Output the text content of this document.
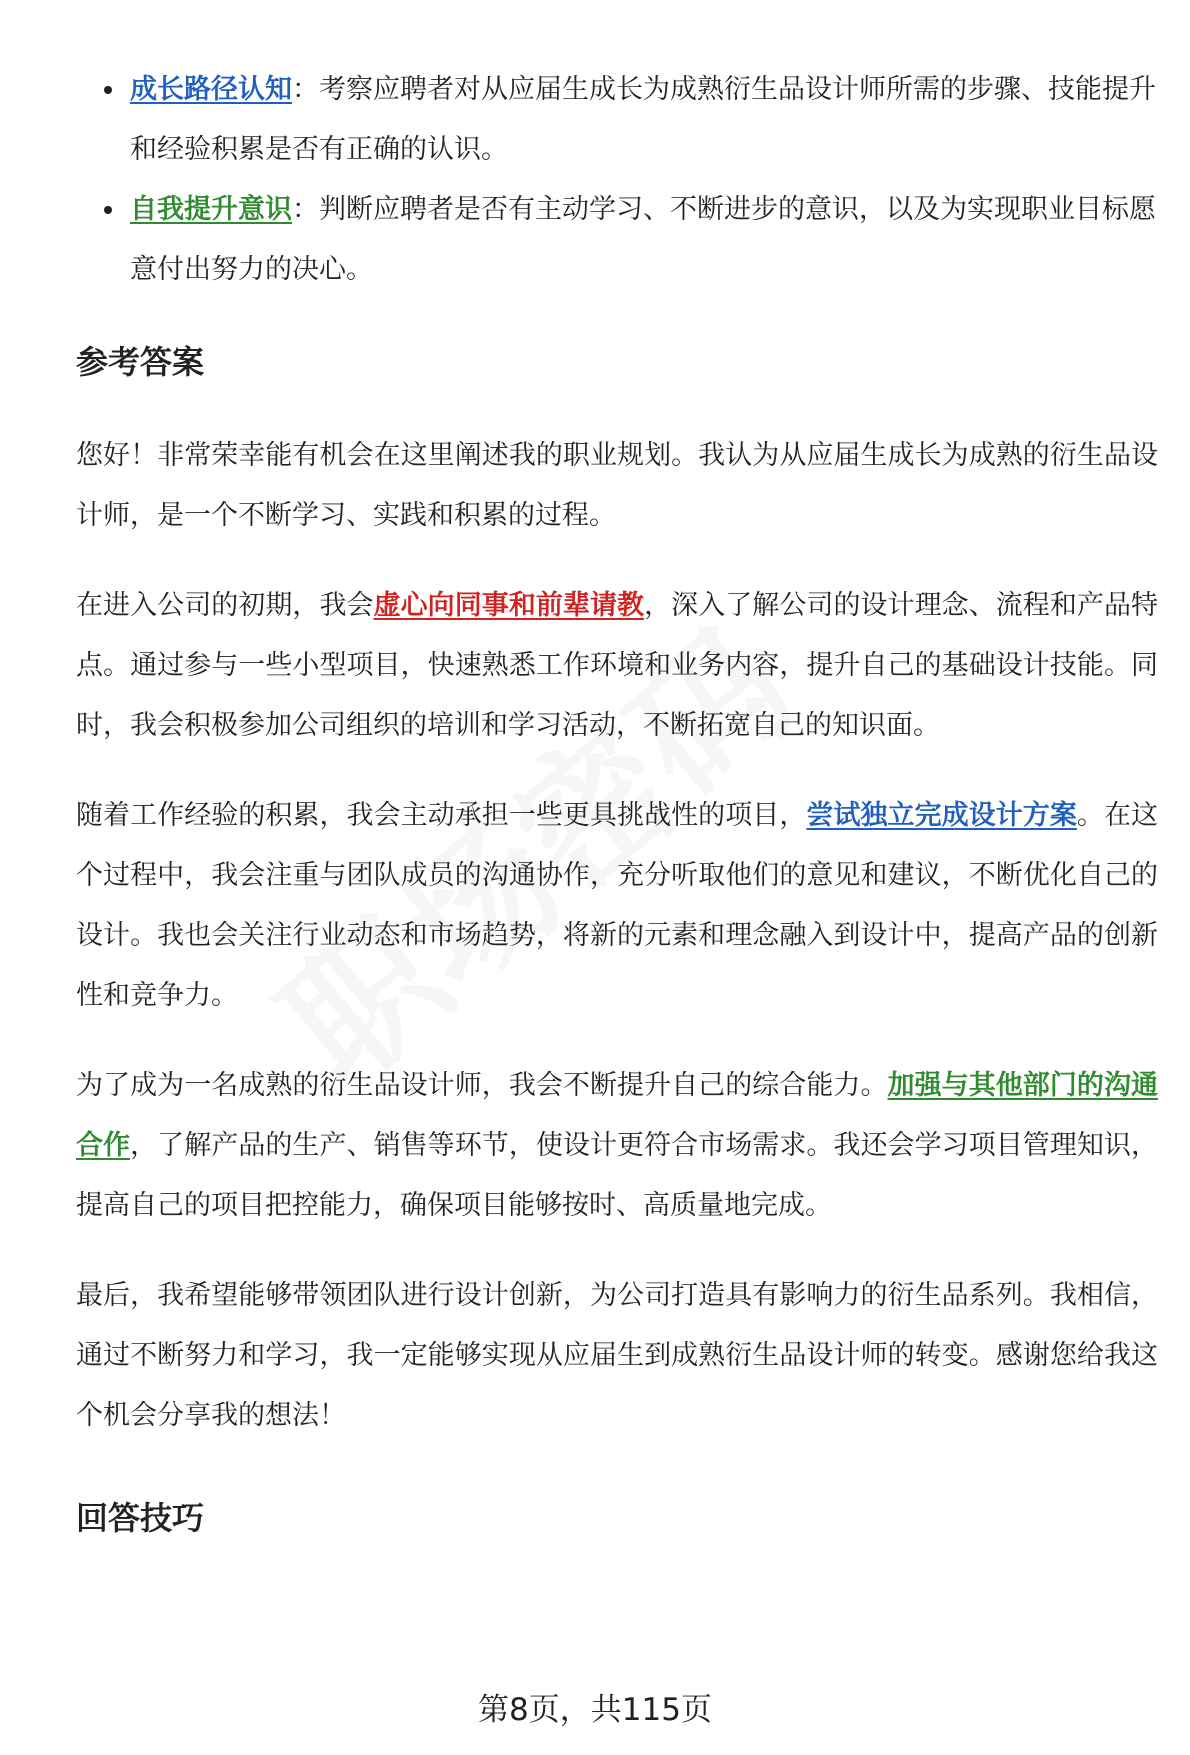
成长路径认知：考察应聘者对从应届生成长为成熟衍生品设计师所需的步骤、技能提升和经验积累是否有正确的认识。
自我提升意识：判断应聘者是否有主动学习、不断进步的意识，以及为实现职业目标愿意付出努力的决心。
参考答案

您好！非常荣幸能有机会在这里阐述我的职业规划。我认为从应届生成长为成熟的衍生品设计师，是一个不断学习、实践和积累的过程。

在进入公司的初期，我会虚心向同事和前辈请教，深入了解公司的设计理念、流程和产品特点。通过参与一些小型项目，快速熟悉工作环境和业务内容，提升自己的基础设计技能。同时，我会积极参加公司组织的培训和学习活动，不断拓宽自己的知识面。

随着工作经验的积累，我会主动承担一些更具挑战性的项目，尝试独立完成设计方案。在这个过程中，我会注重与团队成员的沟通协作，充分听取他们的意见和建议，不断优化自己的设计。我也会关注行业动态和市场趋势，将新的元素和理念融入到设计中，提高产品的创新性和竞争力。

为了成为一名成熟的衍生品设计师，我会不断提升自己的综合能力。加强与其他部门的沟通合作，了解产品的生产、销售等环节，使设计更符合市场需求。我还会学习项目管理知识，提高自己的项目把控能力，确保项目能够按时、高质量地完成。

最后，我希望能够带领团队进行设计创新，为公司打造具有影响力的衍生品系列。我相信，通过不断努力和学习，我一定能够实现从应届生到成熟衍生品设计师的转变。感谢您给我这个机会分享我的想法！

回答技巧
第8页，共115页
